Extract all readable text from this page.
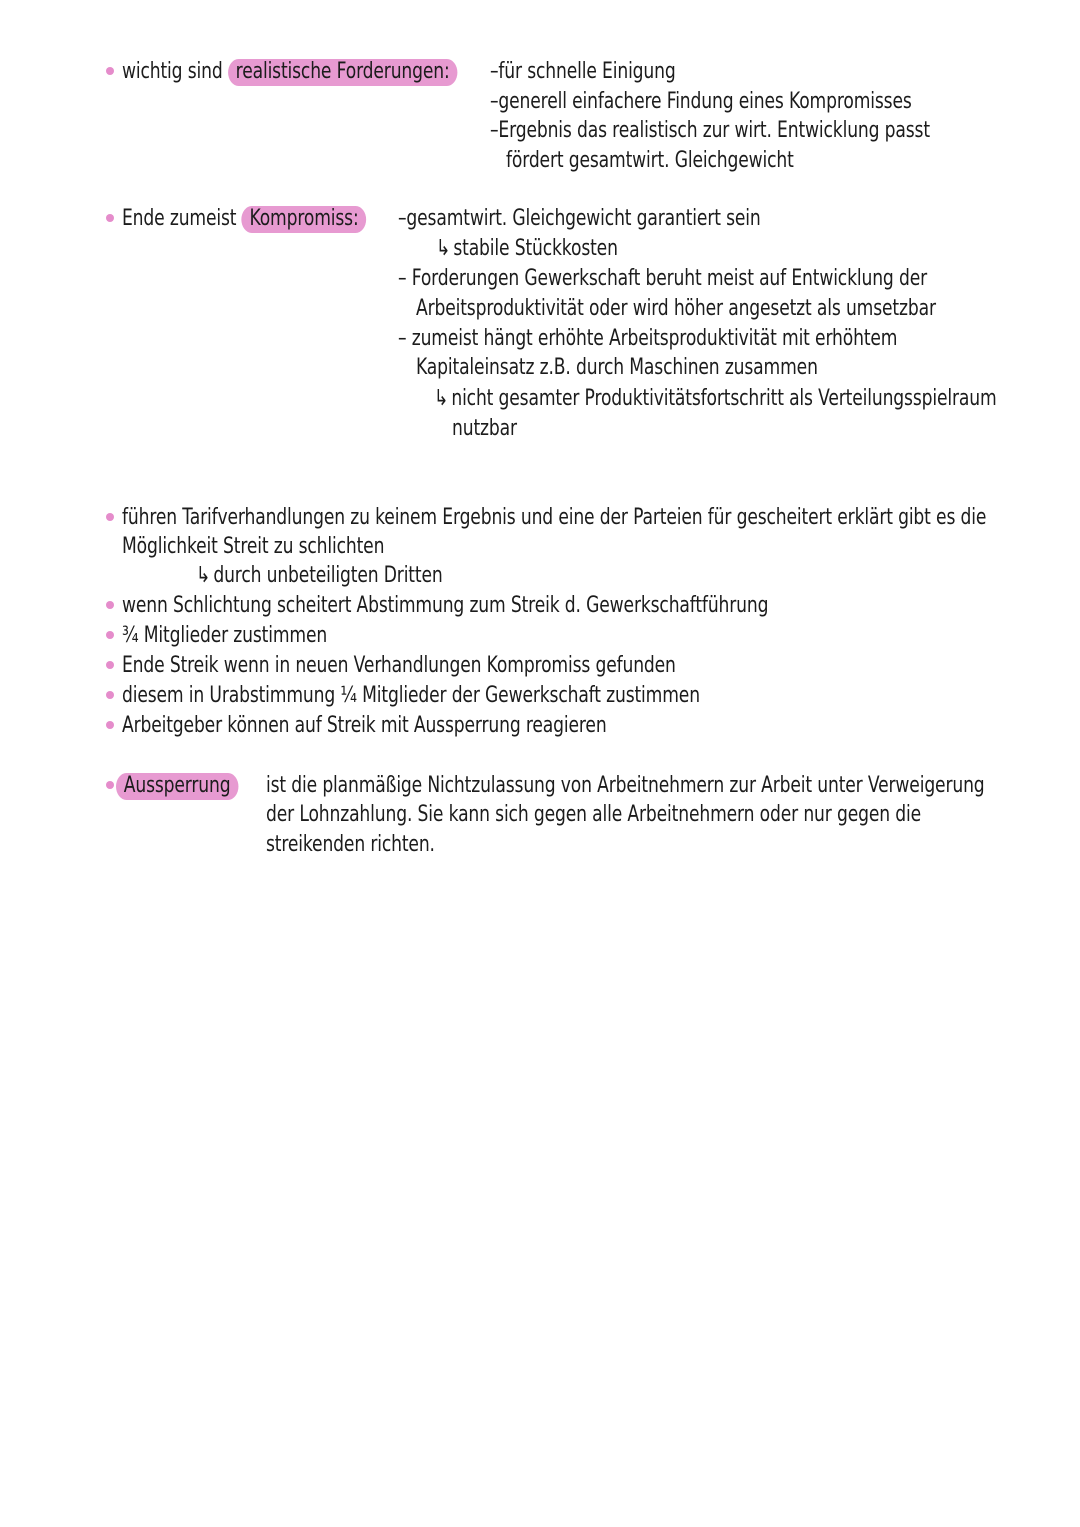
wichtig sind realistische Forderungen:	–für schnelle Einigung
–generell einfachere Findung eines Kompromisses
–Ergebnis das realistisch zur wirt. Entwicklung passt
fördert gesamtwirt. Gleichgewicht
Ende zumeist Kompromiss:	–gesamtwirt. Gleichgewicht garantiert sein
↳ stabile Stückkosten
– Forderungen Gewerkschaft beruht meist auf Entwicklung der
Arbeitsproduktivität oder wird höher angesetzt als umsetzbar
– zumeist hängt erhöhte Arbeitsproduktivität mit erhöhtem
Kapitaleinsatz z.B. durch Maschinen zusammen
↳ nicht gesamter Produktivitätsfortschritt als Verteilungsspielraum
nutzbar
führen Tarifverhandlungen zu keinem Ergebnis und eine der Parteien für gescheitert erklärt gibt es die
Möglichkeit Streit zu schlichten
↳ durch unbeteiligten Dritten
wenn Schlichtung scheitert Abstimmung zum Streik d. Gewerkschaftführung
¾ Mitglieder zustimmen
Ende Streik wenn in neuen Verhandlungen Kompromiss gefunden
diesem in Urabstimmung ¼ Mitglieder der Gewerkschaft zustimmen
Arbeitgeber können auf Streik mit Aussperrung reagieren
Aussperrung	ist die planmäßige Nichtzulassung von Arbeitnehmern zur Arbeit unter Verweigerung
der Lohnzahlung. Sie kann sich gegen alle Arbeitnehmern oder nur gegen die
streikenden richten.
